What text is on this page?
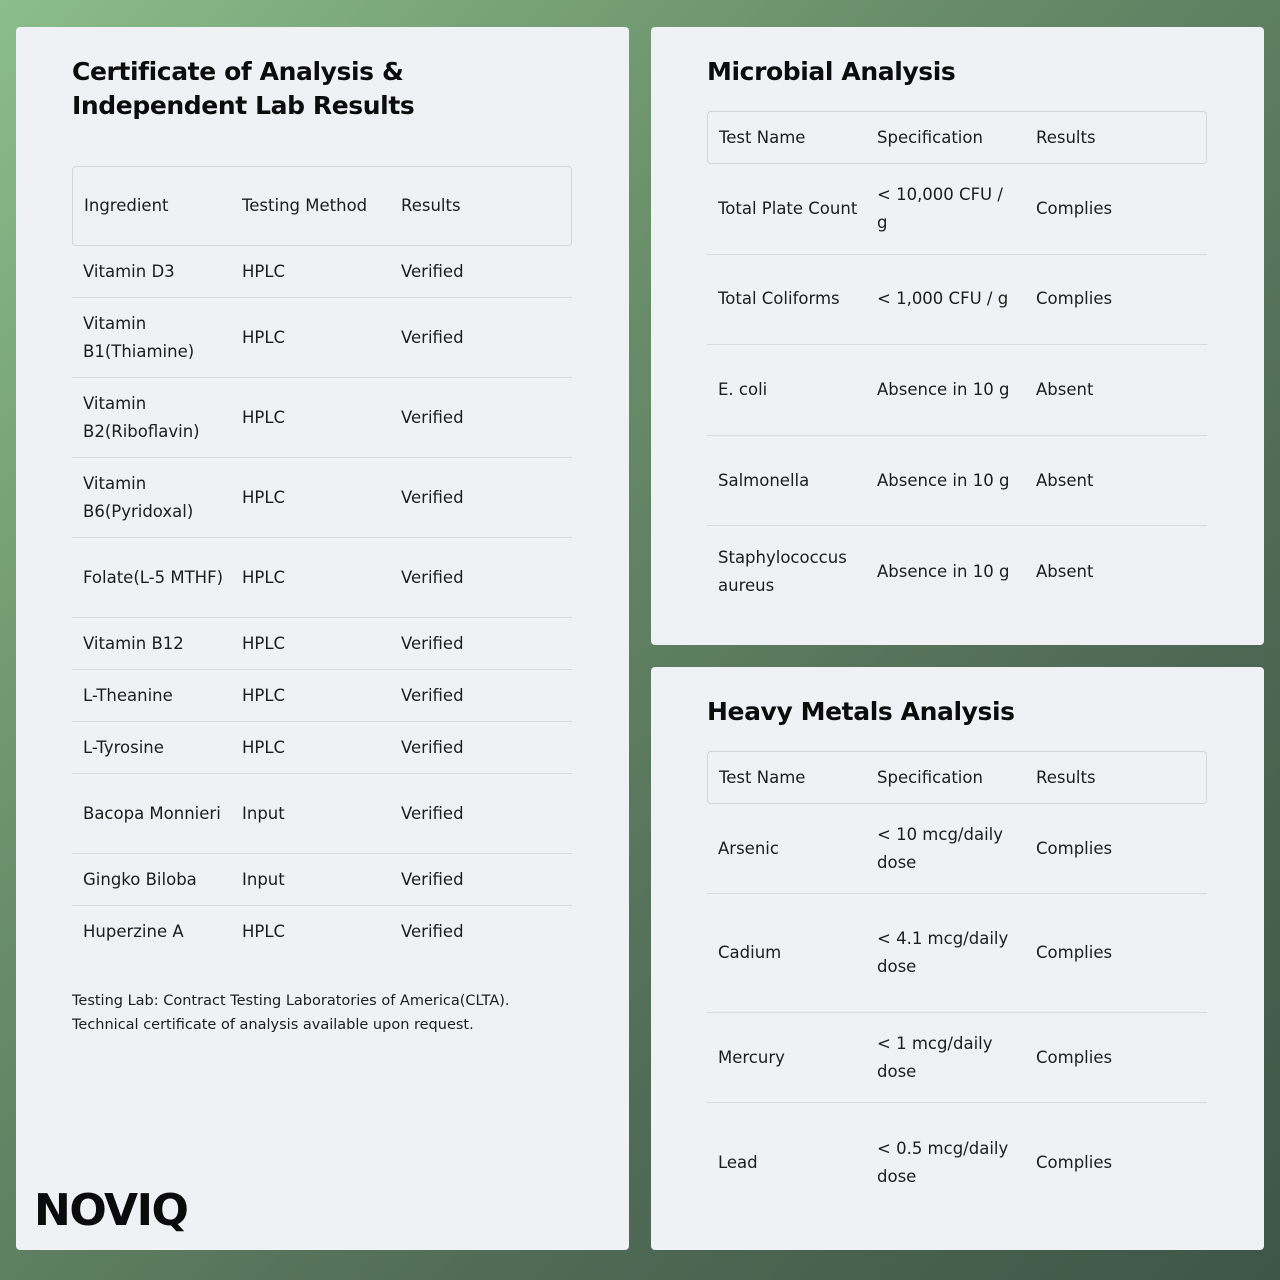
Certificate of Analysis & Independent Lab Results
Ingredient	Testing Method	Results
Vitamin D3	HPLC	Verified
Vitamin B1(Thiamine)	HPLC	Verified
Vitamin B2(Riboflavin)	HPLC	Verified
Vitamin B6(Pyridoxal)	HPLC	Verified
Folate(L-5 MTHF)	HPLC	Verified
Vitamin B12	HPLC	Verified
L-Theanine	HPLC	Verified
L-Tyrosine	HPLC	Verified
Bacopa Monnieri	Input	Verified
Gingko Biloba	Input	Verified
Huperzine A	HPLC	Verified
Testing Lab: Contract Testing Laboratories of America(CLTA).
Technical certificate of analysis available upon request.
NOVIQ
Microbial Analysis
Test Name	Specification	Results
Total Plate Count	< 10,000 CFU / g	Complies
Total Coliforms	< 1,000 CFU / g	Complies
E. coli	Absence in 10 g	Absent
Salmonella	Absence in 10 g	Absent
Staphylococcus aureus	Absence in 10 g	Absent
Heavy Metals Analysis
Test Name	Specification	Results
Arsenic	< 10 mcg/daily dose	Complies
Cadium	< 4.1 mcg/daily dose	Complies
Mercury	< 1 mcg/daily dose	Complies
Lead	< 0.5 mcg/daily dose	Complies
